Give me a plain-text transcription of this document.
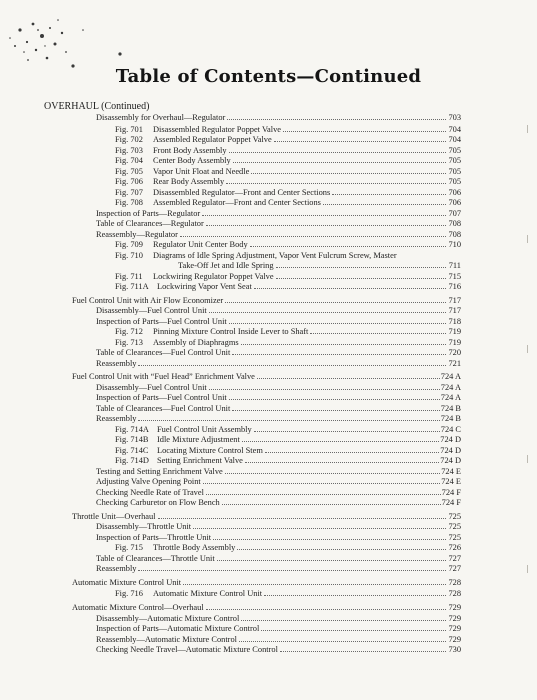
Table of Contents—Continued
OVERHAUL (Continued)
Disassembly for Overhaul—Regulator	703
Fig. 701	Disassembled Regulator Poppet Valve	704
Fig. 702	Assembled Regulator Poppet Valve	704
Fig. 703	Front Body Assembly	705
Fig. 704	Center Body Assembly	705
Fig. 705	Vapor Unit Float and Needle	705
Fig. 706	Rear Body Assembly	705
Fig. 707	Disassembled Regulator—Front and Center Sections	706
Fig. 708	Assembled Regulator—Front and Center Sections	706
Inspection of Parts—Regulator	707
Table of Clearances—Regulator	708
Reassembly—Regulator	708
Fig. 709	Regulator Unit Center Body	710
Fig. 710 Diagrams of Idle Spring Adjustment, Vapor Vent Fulcrum Screw, Master
Take-Off Jet and Idle Spring	711
Fig. 711	Lockwiring Regulator Poppet Valve	715
Fig. 711A Lockwiring Vapor Vent Seat	716
Fuel Control Unit with Air Flow Economizer	717
Disassembly—Fuel Control Unit	717
Inspection of Parts—Fuel Control Unit	718
Fig. 712	Pinning Mixture Control Inside Lever to Shaft	719
Fig. 713	Assembly of Diaphragms	719
Table of Clearances—Fuel Control Unit	720
Reassembly	721
Fuel Control Unit with “Fuel Head” Enrichment Valve	724 A
Disassembly—Fuel Control Unit	724 A
Inspection of Parts—Fuel Control Unit	724 A
Table of Clearances—Fuel Control Unit	724 B
Reassembly	724 B
Fig. 714A Fuel Control Unit Assembly	724 C
Fig. 714B	Idle Mixture Adjustment	724 D
Fig. 714C	Locating Mixture Control Stem	724 D
Fig. 714D Setting Enrichment Valve	724 D
Testing and Setting Enrichment Valve	724 E
Adjusting Valve Opening Point	724 E
Checking Needle Rate of Travel	724 F
Checking Carburetor on Flow Bench	724 F
Throttle Unit—Overhaul	725
Disassembly—Throttle Unit	725
Inspection of Parts—Throttle Unit	725
Fig. 715	Throttle Body Assembly	726
Table of Clearances—Throttle Unit	727
Reassembly	727
Automatic Mixture Control Unit	728
Fig. 716	Automatic Mixture Control Unit	728
Automatic Mixture Control—Overhaul	729
Disassembly—Automatic Mixture Control	729
Inspection of Parts—Automatic Mixture Control	729
Reassembly—Automatic Mixture Control	729
Checking Needle Travel—Automatic Mixture Control	730
